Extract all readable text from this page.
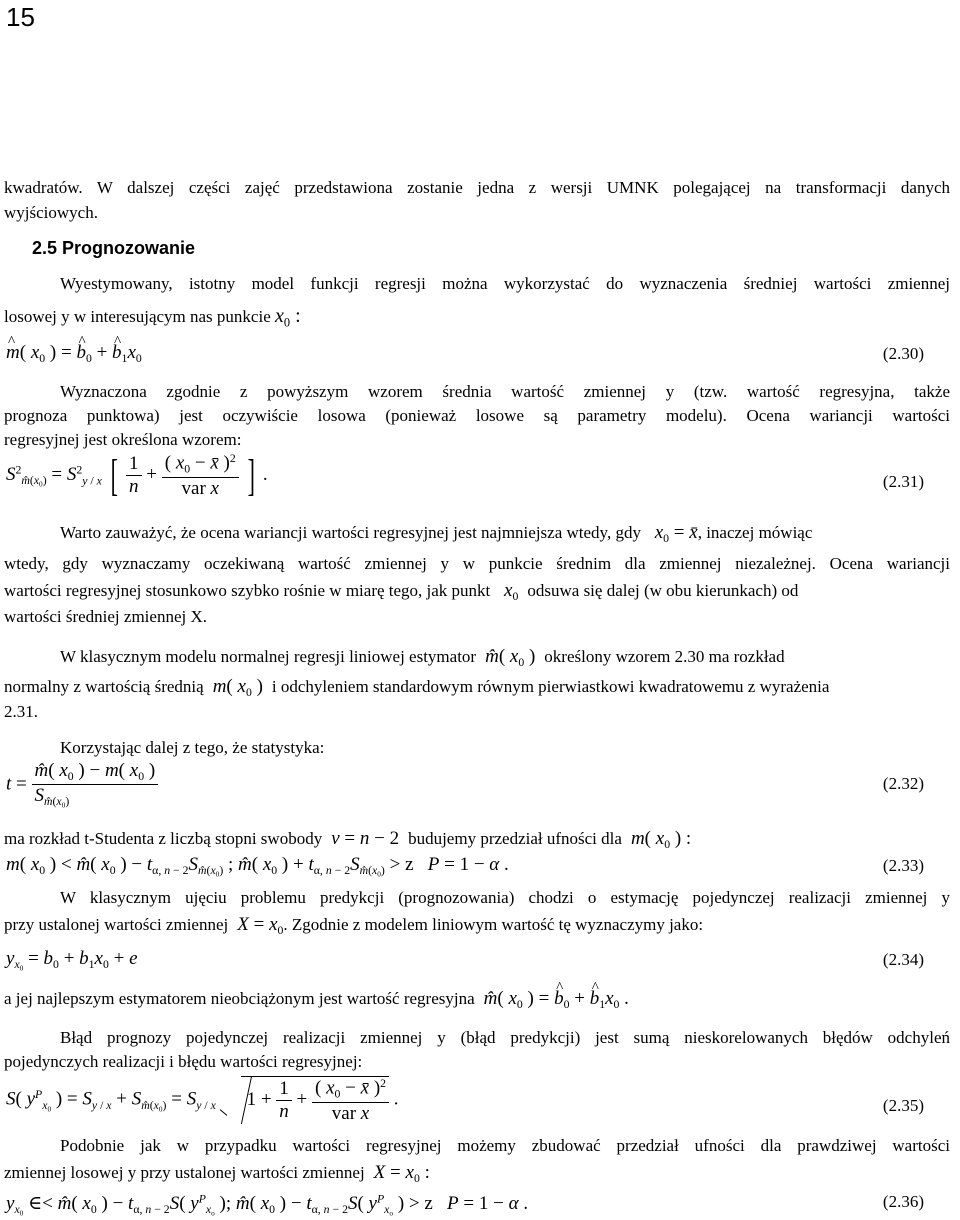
15
kwadratów. W dalszej części zajęć przedstawiona zostanie jedna z wersji UMNK polegającej na transformacji danych
wyjściowych.
2.5 Prognozowanie
Wyestymowany, istotny model funkcji regresji można wykorzystać do wyznaczenia średniej wartości zmiennej
losowej y w interesującym nas punkcie $x_0$ :
^ m( $x_0$ ) = ^ $b_0$ + ^ $b_1x_0$	(2.30)
Wyznaczona zgodnie z powyższym wzorem średnia wartość zmiennej y (tzw. wartość regresyjna, także
prognoza punktowa) jest oczywiście losowa (ponieważ losowe są parametry modelu). Ocena wariancji wartości
regresyjnej jest określona wzorem:
$S^2_{m̂(x_0)} = S^2_{y / x}$ [ $\frac{1}{n} + \frac{( x_0 - x̄ )^2}{\text{var x}}$ ] .	(2.31)
Warto zauważyć, że ocena wariancji wartości regresyjnej jest najmniejsza wtedy, gdy $x_0$ = x̄, inaczej mówiąc
wtedy, gdy wyznaczamy oczekiwaną wartość zmiennej y w punkcie średnim dla zmiennej niezależnej. Ocena wariancji
wartości regresyjnej stosunkowo szybko rośnie w miarę tego, jak punkt $x_0$ odsuwa się dalej (w obu kierunkach) od
wartości średniej zmiennej X.
W klasycznym modelu normalnej regresji liniowej estymator m̂( $x_0$ )  określony wzorem 2.30 ma rozkład
normalny z wartością średnią m( $x_0$ )  i odchyleniem standardowym równym pierwiastkowi kwadratowemu z wyrażenia
2.31.
Korzystając dalej z tego, że statystyka:
$t = \frac{m̂( x_0 ) - m( x_0 )}{S_{m̂(x_0)}}$	(2.32)
ma rozkład t-Studenta z liczbą stopni swobody v = n − 2  budujemy przedział ufności dla m( $x_0$ ) :
m( $x_0$ ) < m̂( $x_0$ ) − $t_{\alpha, n - 2}S_{m̂(x_0)}$ ; m̂( $x_0$ ) + $t_{\alpha, n - 2}S_{m̂(x_0)} > z$   P = 1 − α .	(2.33)
W klasycznym ujęciu problemu predykcji (prognozowania) chodzi o estymację pojedynczej realizacji zmiennej y
przy ustalonej wartości zmiennej $X = x_0$. Zgodnie z modelem liniowym wartość tę wyznaczymy jako:
$y_{x_0} = b_0 + b_1x_0 + e$	(2.34)
a jej najlepszym estymatorem nieobciążonym jest wartość regresyjna m̂( $x_0$ ) = ^ $b_0$ + ^ $b_1x_0$ .
Błąd prognozy pojedynczej realizacji zmiennej y (błąd predykcji) jest sumą nieskorelowanych błędów odchyleń
pojedynczych realizacji i błędu wartości regresyjnej:
S( $y^P_{x_0}$ ) = $S_{y / x} + S_{m̂(x_0)} = S_{y / x}$ $1 + \frac{1}{n} + \frac{( x_0 - x̄ )^2}{\text{var x}}$ .	(2.35)
Podobnie jak w przypadku wartości regresyjnej możemy zbudować przedział ufności dla prawdziwej wartości
zmiennej losowej y przy ustalonej wartości zmiennej $X = x_0$ :
$y_{x_0}$ ∈< m̂( $x_0$ ) − $t_{\alpha, n - 2}S$( $y^P_{x_o}$ ); m̂( $x_0$ ) − $t_{\alpha, n - 2}S$( $y^P_{x_o}$ ) > z   P = 1 − α .	(2.36)
